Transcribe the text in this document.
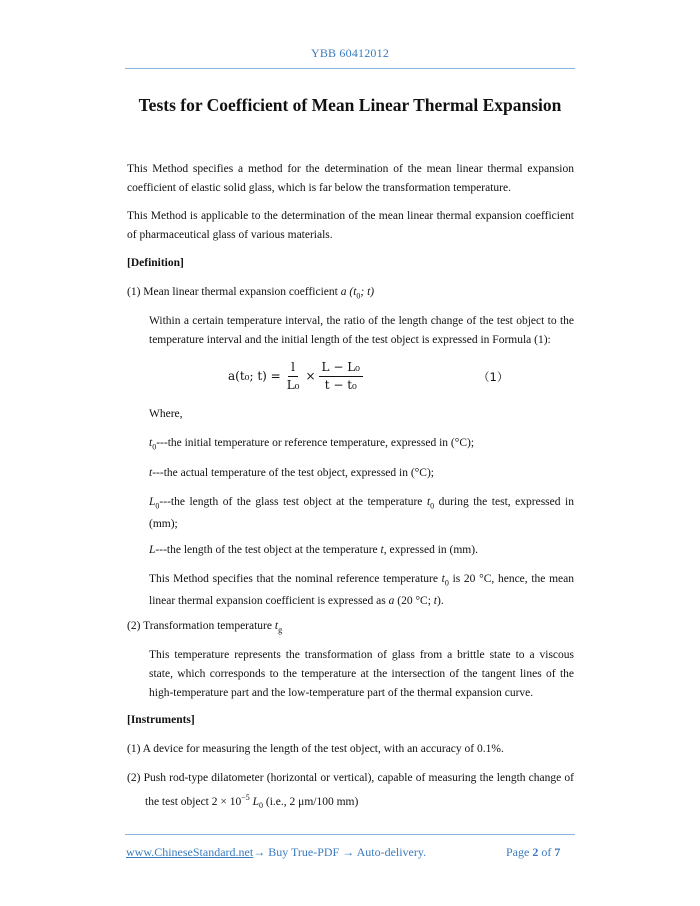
YBB 60412012
Tests for Coefficient of Mean Linear Thermal Expansion
This Method specifies a method for the determination of the mean linear thermal expansion coefficient of elastic solid glass, which is far below the transformation temperature.
This Method is applicable to the determination of the mean linear thermal expansion coefficient of pharmaceutical glass of various materials.
[Definition]
(1) Mean linear thermal expansion coefficient a ($t_0$; t)
Within a certain temperature interval, the ratio of the length change of the test object to the temperature interval and the initial length of the test object is expressed in Formula (1):
a(t₀; $t) = \frac{l}{\text{L₀}} \times \frac{\text{L − L₀}}{\text{t − t₀}}$	（1）
Where,
$t_0--$-the initial temperature or reference temperature, expressed in (°C);
t---the actual temperature of the test object, expressed in (°C);
$L_0--$-the length of the glass test object at the temperature $t_0$ during the test, expressed in (mm);
L---the length of the test object at the temperature t, expressed in (mm).
This Method specifies that the nominal reference temperature $t_0$ is 20 °C, hence, the mean linear thermal expansion coefficient is expressed as a (20 °C; t).
(2) Transformation temperature $t_g$
This temperature represents the transformation of glass from a brittle state to a viscous state, which corresponds to the temperature at the intersection of the tangent lines of the high-temperature part and the low-temperature part of the thermal expansion curve.
[Instruments]
(1) A device for measuring the length of the test object, with an accuracy of 0.1%.
(2) Push rod-type dilatometer (horizontal or vertical), capable of measuring the length change of the test object $2 \times 10^{-5}$ $L_0$ (i.e., 2 μm/100 mm)
www.ChineseStandard.net→ Buy True-PDF → Auto-delivery.	Page 2 of 7
